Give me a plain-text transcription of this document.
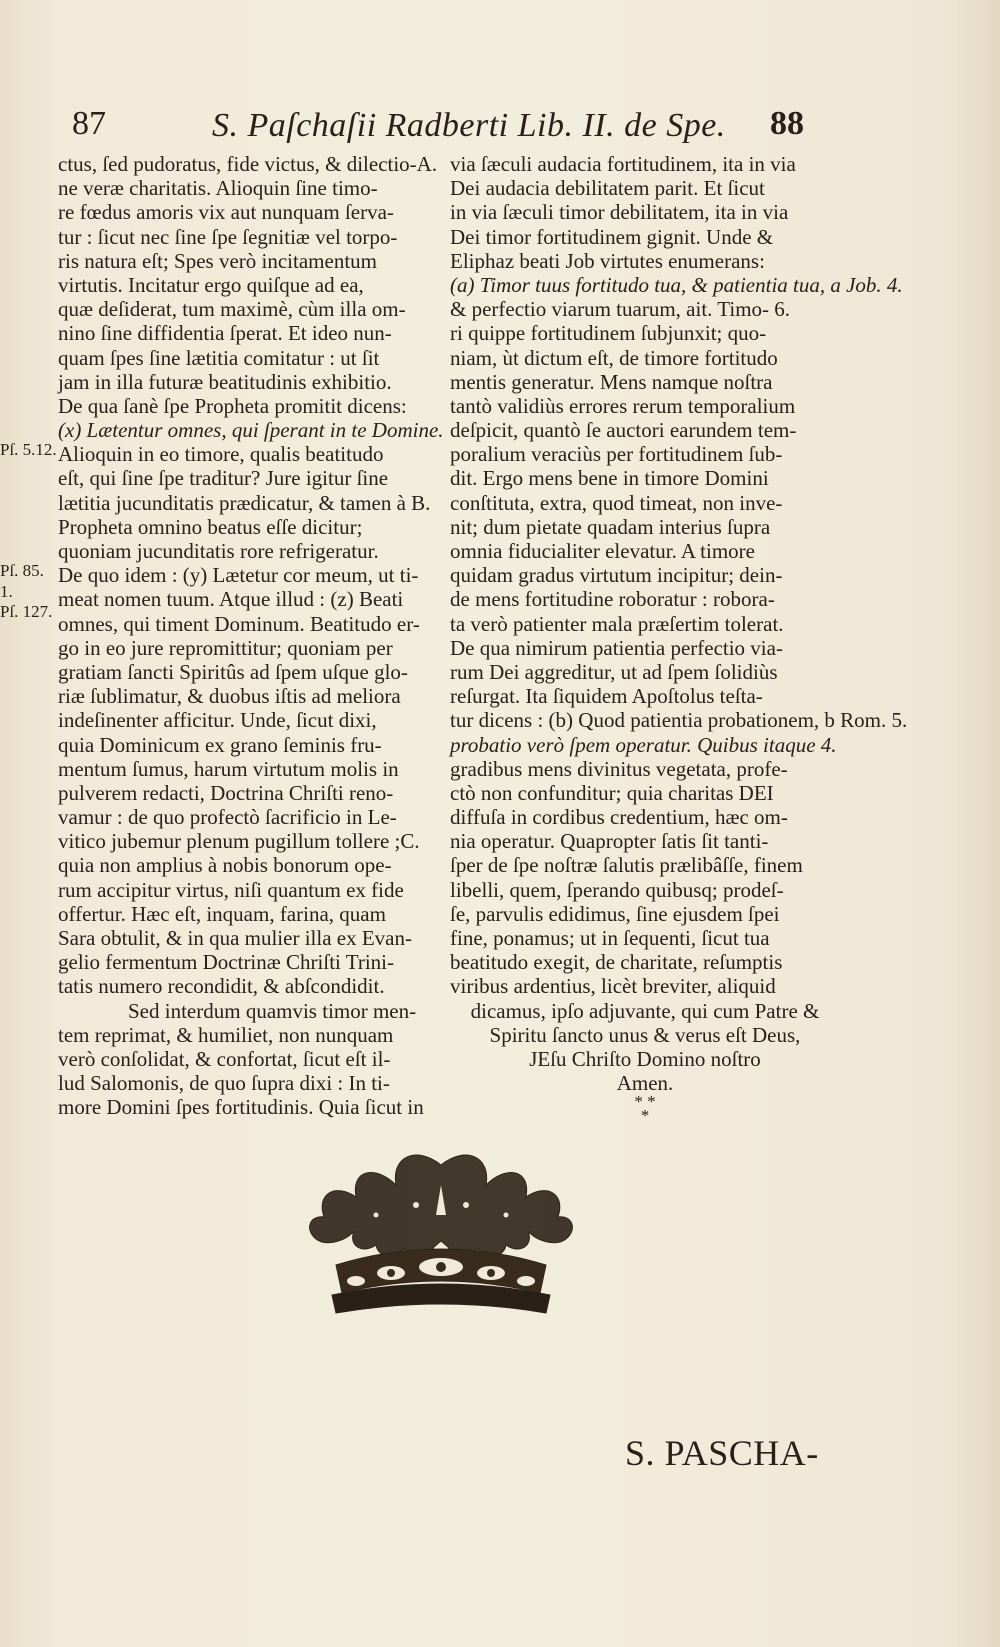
87	S. Paſchaſii Radberti Lib. II. de Spe. 88
ctus, ſed pudoratus, fide victus, & dilectio-A.
ne veræ charitatis. Alioquin ſine timo-
re fœdus amoris vix aut nunquam ſerva-
tur : ſicut nec ſine ſpe ſegnitiæ vel torpo-
ris natura eſt; Spes verò incitamentum
virtutis. Incitatur ergo quiſque ad ea,
quæ deſiderat, tum maximè, cùm illa om-
nino ſine diffidentia ſperat. Et ideo nun-
quam ſpes ſine lætitia comitatur : ut ſit
jam in illa futuræ beatitudinis exhibitio.
De qua ſanè ſpe Propheta promitit dicens:
(x) Lætentur omnes, qui ſperant in te Domine.
Alioquin in eo timore, qualis beatitudo
eſt, qui ſine ſpe traditur? Jure igitur ſine
lætitia jucunditatis prædicatur, & tamen à B.
Propheta omnino beatus eſſe dicitur;
quoniam jucunditatis rore refrigeratur.
De quo idem : (y) Lætetur cor meum, ut ti-
meat nomen tuum. Atque illud : (z) Beati
omnes, qui timent Dominum. Beatitudo er-
go in eo jure repromittitur; quoniam per
gratiam ſancti Spiritûs ad ſpem uſque glo-
riæ ſublimatur, & duobus iſtis ad meliora
indeſinenter afficitur. Unde, ſicut dixi,
quia Dominicum ex grano ſeminis fru-
mentum ſumus, harum virtutum molis in
pulverem redacti, Doctrina Chriſti reno-
vamur : de quo profectò ſacrificio in Le-
vitico jubemur plenum pugillum tollere ;C.
quia non amplius à nobis bonorum ope-
rum accipitur virtus, niſi quantum ex fide
offertur. Hæc eſt, inquam, farina, quam
Sara obtulit, & in qua mulier illa ex Evan-
gelio fermentum Doctrinæ Chriſti Trini-
tatis numero recondidit, & abſcondidit.
Sed interdum quamvis timor men-
tem reprimat, & humiliet, non nunquam
verò conſolidat, & confortat, ſicut eſt il-
lud Salomonis, de quo ſupra dixi : In ti-
more Domini ſpes fortitudinis. Quia ſicut in
via ſæculi audacia fortitudinem, ita in via
Dei audacia debilitatem parit. Et ſicut
in via ſæculi timor debilitatem, ita in via
Dei timor fortitudinem gignit. Unde &
Eliphaz beati Job virtutes enumerans:
(a) Timor tuus fortitudo tua, & patientia tua, a Job. 4.
& perfectio viarum tuarum, ait. Timo- 6.
ri quippe fortitudinem ſubjunxit; quo-
niam, ùt dictum eſt, de timore fortitudo
mentis generatur. Mens namque noſtra
tantò validiùs errores rerum temporalium
deſpicit, quantò ſe auctori earundem tem-
poralium veraciùs per fortitudinem ſub-
dit. Ergo mens bene in timore Domini
conſtituta, extra, quod timeat, non inve-
nit; dum pietate quadam interius ſupra
omnia fiducialiter elevatur. A timore
quidam gradus virtutum incipitur; dein-
de mens fortitudine roboratur : robora-
ta verò patienter mala præſertim tolerat.
De qua nimirum patientia perfectio via-
rum Dei aggreditur, ut ad ſpem ſolidiùs
reſurgat. Ita ſiquidem Apoſtolus teſta-
tur dicens : (b) Quod patientia probationem, b Rom. 5.
probatio verò ſpem operatur. Quibus itaque 4.
gradibus mens divinitus vegetata, profe-
ctò non confunditur; quia charitas DEI
diffuſa in cordibus credentium, hæc om-
nia operatur. Quapropter ſatis ſit tanti-
ſper de ſpe noſtræ ſalutis prælibâſſe, finem
libelli, quem, ſperando quibusq; prodeſ-
ſe, parvulis edidimus, ſine ejusdem ſpei
fine, ponamus; ut in ſequenti, ſicut tua
beatitudo exegit, de charitate, reſumptis
viribus ardentius, licèt breviter, aliquid
dicamus, ipſo adjuvante, qui cum Patre &
Spiritu ſancto unus & verus eſt Deus,
JEſu Chriſto Domino noſtro
Amen.
* *
*
Pſ. 5.12.
Pſ. 85.
1.
Pſ. 127.
S. PASCHA-
